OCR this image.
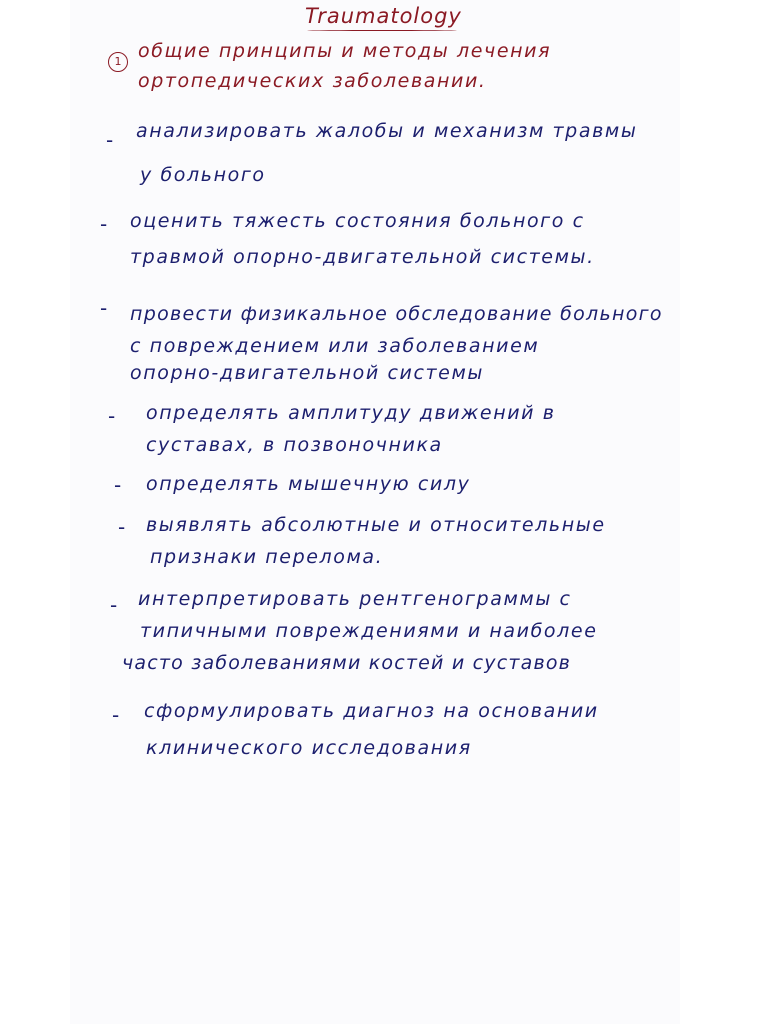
Traumatology
1 общие принципы и методы лечения
ортопедических заболевании.
- анализировать жалобы и механизм травмы
у больного
- оценить тяжесть состояния больного с
травмой опорно-двигательной системы.
- провести физикальное обследование больного
с повреждением или заболеванием
опорно-двигательной системы
- определять амплитуду движений в
суставах, в позвоночника
- определять мышечную силу
- выявлять абсолютные и относительные
признаки перелома.
- интерпретировать рентгенограммы с
типичными повреждениями и наиболее
часто заболеваниями костей и суставов
- сформулировать диагноз на основании
клинического исследования
